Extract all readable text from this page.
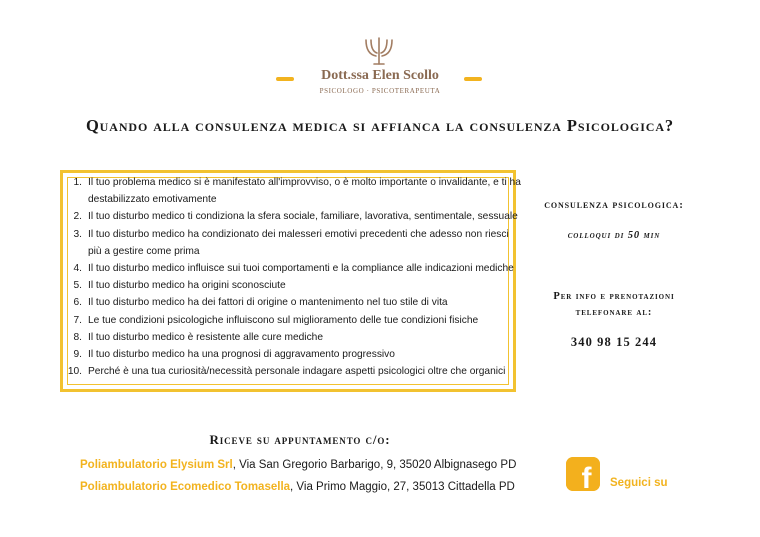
Dott.ssa Elen Scollo
PSICOLOGO · PSICOTERAPEUTA
Quando alla consulenza medica si affianca la consulenza Psicologica?
1. Il tuo problema medico si è manifestato all'improvviso, o è molto importante o invalidante, e ti ha
destabilizzato emotivamente
2. Il tuo disturbo medico ti condiziona la sfera sociale, familiare, lavorativa, sentimentale, sessuale
3. Il tuo disturbo medico ha condizionato dei malesseri emotivi precedenti che adesso non riesci
più a gestire come prima
4. Il tuo disturbo medico influisce sui tuoi comportamenti e la compliance alle indicazioni mediche
5. Il tuo disturbo medico ha origini sconosciute
6. Il tuo disturbo medico ha dei fattori di origine o mantenimento nel tuo stile di vita
7. Le tue condizioni psicologiche influiscono sul miglioramento delle tue condizioni fisiche
8. Il tuo disturbo medico è resistente alle cure mediche
9. Il tuo disturbo medico ha una prognosi di aggravamento progressivo
10. Perché è una tua curiosità/necessità personale indagare aspetti psicologici oltre che organici
consulenza psicologica:
colloqui di 50 min
Per info e prenotazioni
telefonare al:
340 98 15 244
Riceve su appuntamento c/o:
Poliambulatorio Elysium Srl, Via San Gregorio Barbarigo, 9, 35020 Albignasego PD
Poliambulatorio Ecomedico Tomasella, Via Primo Maggio, 27, 35013 Cittadella PD f Seguici su
